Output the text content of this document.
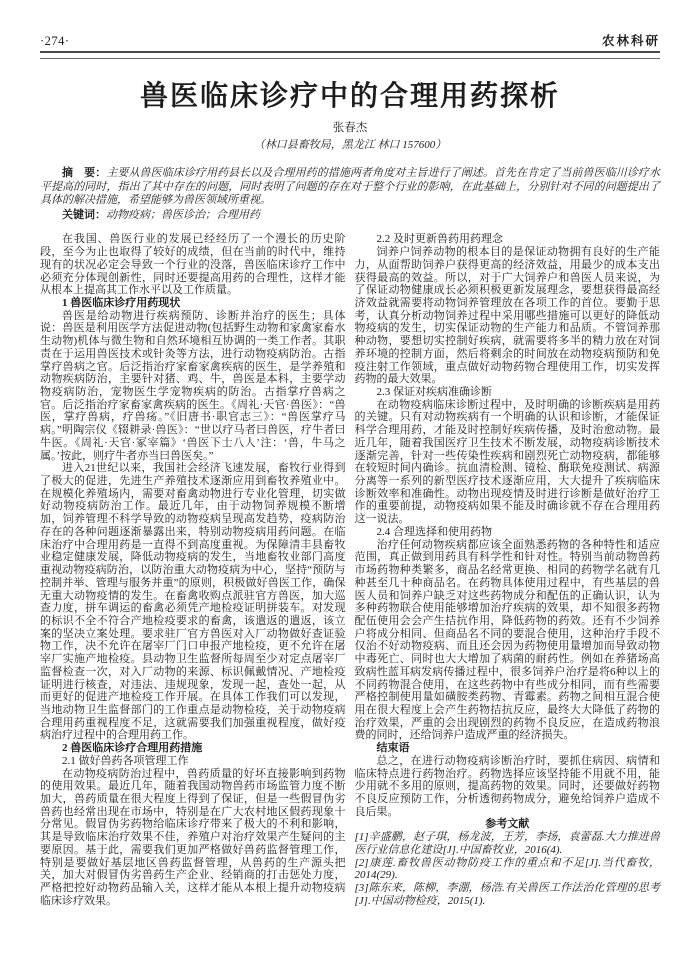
·274·	农林科研
兽医临床诊疗中的合理用药探析
张春杰
（林口县畜牧局，黑龙江 林口 157600）
摘　要：主要从兽医临床诊疗用药县长以及合理用药的措施两者角度对主旨进行了阐述。首先在肯定了当前兽医临川诊疗水平提高的同时，指出了其中存在的问题，同时表明了问题的存在对于整个行业的影响，在此基础上，分别针对不同的问题提出了具体的解决措施，希望能够为兽医领域所重视。
关键词：动物疫病；兽医诊治；合理用药
在我国、兽医行业的发展已经经历了一个漫长的历史阶段，至今为止也取得了较好的成绩，但在当前的时代中，维持现有的状况必定会导致一个行业的没落，兽医临床诊疗工作中必须充分体现创新性，同时还要提高用药的合理性，这样才能从根本上提高其工作水平以及工作质量。
1 兽医临床诊疗用药现状
兽医是给动物进行疾病预防、诊断并治疗的医生；具体说：兽医是利用医学方法促进动物(包括野生动物和家禽家畜水生动物)机体与微生物和自然环境相互协调的一类工作者。其职责在于运用兽医技术或针灸等方法，进行动物疫病防治。古指掌疗兽病之官。后泛指治疗家畜家禽疾病的医生，是学养殖和动物疾病防治，主要针对猪、鸡、牛，兽医是本科，主要学动物疫病防治，宠物医生学宠物疾病的防治。古指掌疗兽病之官。后泛指治疗家畜家禽疾病的医生。《周礼·天官·兽医》：“兽医，掌疗兽病，疗兽疡。”《旧唐书·职官志三》：“兽医掌疗马病。”明陶宗仪《辍耕录·兽医》：“世以疗马者曰兽医，疗牛者曰牛医。《周礼·天官·冢宰篇》‘兽医下士八人’注：‘兽，牛马之属。’按此，则疗牛者亦当曰兽医矣。”
进入21世纪以来，我国社会经济飞速发展，畜牧行业得到了极大的促进，先进生产养殖技术逐渐应用到畜牧养殖业中。在规模化养殖场内，需要对畜禽动物进行专业化管理，切实做好动物疫病防治工作。最近几年，由于动物饲养规模不断增加，饲养管理不科学导致的动物疫病呈现高发趋势，疫病防治存在的各种问题逐渐暴露出来，特别动物疫病用药问题。在临床治疗中合理用药是一直得不到高度重视。为保障清丰县畜牧业稳定健康发展，降低动物疫病的发生，当地畜牧业部门高度重视动物疫病防治，以防治重大动物疫病为中心，坚持“预防与控制并举、管理与服务并重”的原则，积极做好兽医工作，确保无重大动物疫情的发生。在畜禽收购点派驻官方兽医，加大巡查力度，拼车调运的畜禽必须凭产地检疫证明拼装车。对发现的标识不全不符合产地检疫要求的畜禽，该遣返的遣返，该立案的坚决立案处理。要求驻厂官方兽医对入厂动物做好查证验物工作，决不允许在屠宰厂门口申报产地检疫，更不允许在屠宰厂实施产地检疫。县动物卫生监督所每周至少对定点屠宰厂监督检查一次，对入厂动物的来源、标识佩戴情况、产地检疫证明进行核查，对违法、违规现象，发现一起，查处一起，从而更好的促进产地检疫工作开展。在具体工作我们可以发现，当地动物卫生监督部门的工作重点是动物检疫，关于动物疫病合理用药重视程度不足，这就需要我们加强重视程度，做好疫病治疗过程中的合理用药工作。
2 兽医临床诊疗合理用药措施
2.1 做好兽药各项管理工作
在动物疫病防治过程中，兽药质量的好坏直接影响到药物的使用效果。最近几年，随着我国动物兽药市场监管力度不断加大，兽药质量在很大程度上得到了保证，但是一些假冒伪劣兽药也经常出现在市场中，特别是在广大农村地区假药现象十分常见。假冒伪劣药物给临床诊疗带来了极大的不利和影响，其是导致临床治疗效果不佳，养殖户对治疗效果产生疑问的主要原因。基于此，需要我们更加严格做好兽药监督管理工作，特别是要做好基层地区兽药监督管理，从兽药的生产源头把关，加大对假冒伪劣兽药生产企业、经销商的打击惩处力度，严格把控好动物药品输入关，这样才能从本根上提升动物疫病临床诊疗效果。
2.2 及时更新兽药用药理念
饲养户饲养动物的根本目的是保证动物拥有良好的生产能力，从面帮助饲养户获得更高的经济效益，用最少的成本支出获得最高的效益。所以，对于广大饲养户和兽医人员来说，为了保证动物健康成长必须积极更新发展理念，要想获得最高经济效益就需要将动物饲养管理放在各项工作的首位。要勤于思考，认真分析动物饲养过程中采用哪些措施可以更好的降低动物疫病的发生，切实保证动物的生产能力和品质。不管饲养那种动物，要想切实控制好疾病，就需要将多半的精力放在对饲养环境的控制方面，然后将剩余的时间放在动物疫病预防和免疫注射工作领域，重点做好动物药物合理使用工作，切实发挥药物的最大效果。
2.3 保证对疾病准确诊断
在动物疫病临床诊断过程中，及时明确的诊断疾病是用药的关键。只有对动物疾病有一个明确的认识和诊断，才能保证科学合理用药，才能及时控制好疾病传播，及时治愈动物。最近几年，随着我国医疗卫生技术不断发展，动物疫病诊断技术逐渐完善，针对一些传染性疾病和剧烈死亡动物疫病，都能够在较短时间内确诊。抗血清检测、镜检、酶联免疫测试、病源分离等一系列的新型医疗技术逐渐应用，大大提升了疾病临床诊断效率和准确性。动物出现疫情及时进行诊断是做好治疗工作的重要前提，动物疫病如果不能及时确诊就不存在合理用药这一说法。
2.4 合理选择和使用药物
治疗任何动物疾病都应该全面熟悉药物的各种特性和适应范围，真正做到用药具有科学性和针对性。特别当前动物兽药市场药物种类繁多，商品名经常更换、相同的药物学名就有几种甚至几十种商品名。在药物具体使用过程中，有些基层的兽医人员和饲养户缺乏对这些药物成分和配伍的正确认识，认为多种药物联合使用能够增加治疗疾病的效果，却不知很多药物配伍使用会会产生拮抗作用，降低药物的药效。还有不少饲养户将成分相同、但商品名不同的要混合使用，这种治疗手段不仅治不好动物疫病、而且还会因为药物使用量增加而导致动物中毒死亡、同时也大大增加了病菌的耐药性。例如在养猪场高致病性蓝耳病发病传播过程中，很多饲养户治疗是将6种以上的不同药物混合使用，在这些药物中有些成分相同，而有些需要严格控制使用量如磺胺类药物、青霉素。药物之间相互混合使用在很大程度上会产生药物拮抗反应，最终大大降低了药物的治疗效果，严重的会出现剧烈的药物不良反应，在造成药物浪费的同时，还给饲养户造成严重的经济损失。
结束语
总之，在进行动物疫病诊断治疗时，要抓住病因、病情和临床特点进行药物治疗。药物选择应该坚持能不用就不用，能少用就不多用的原则，提高药物的效果。同时，还要做好药物不良反应预防工作，分析透彻药物成分，避免给饲养户造成不良后果。
参考文献
[1]辛盛鹏，赵子琪，杨龙波，王芳，李扬，袁蕾磊.大力推进兽医行业信息化建设[J].中国畜牧业，2016(4).
[2]康莲.畜牧兽医动物防疫工作的重点和不足[J].当代畜牧，2014(29).
[3]陈东来，陈柳，李淜，杨浩.有关兽医工作法治化管理的思考[J].中国动物检疫，2015(1).
